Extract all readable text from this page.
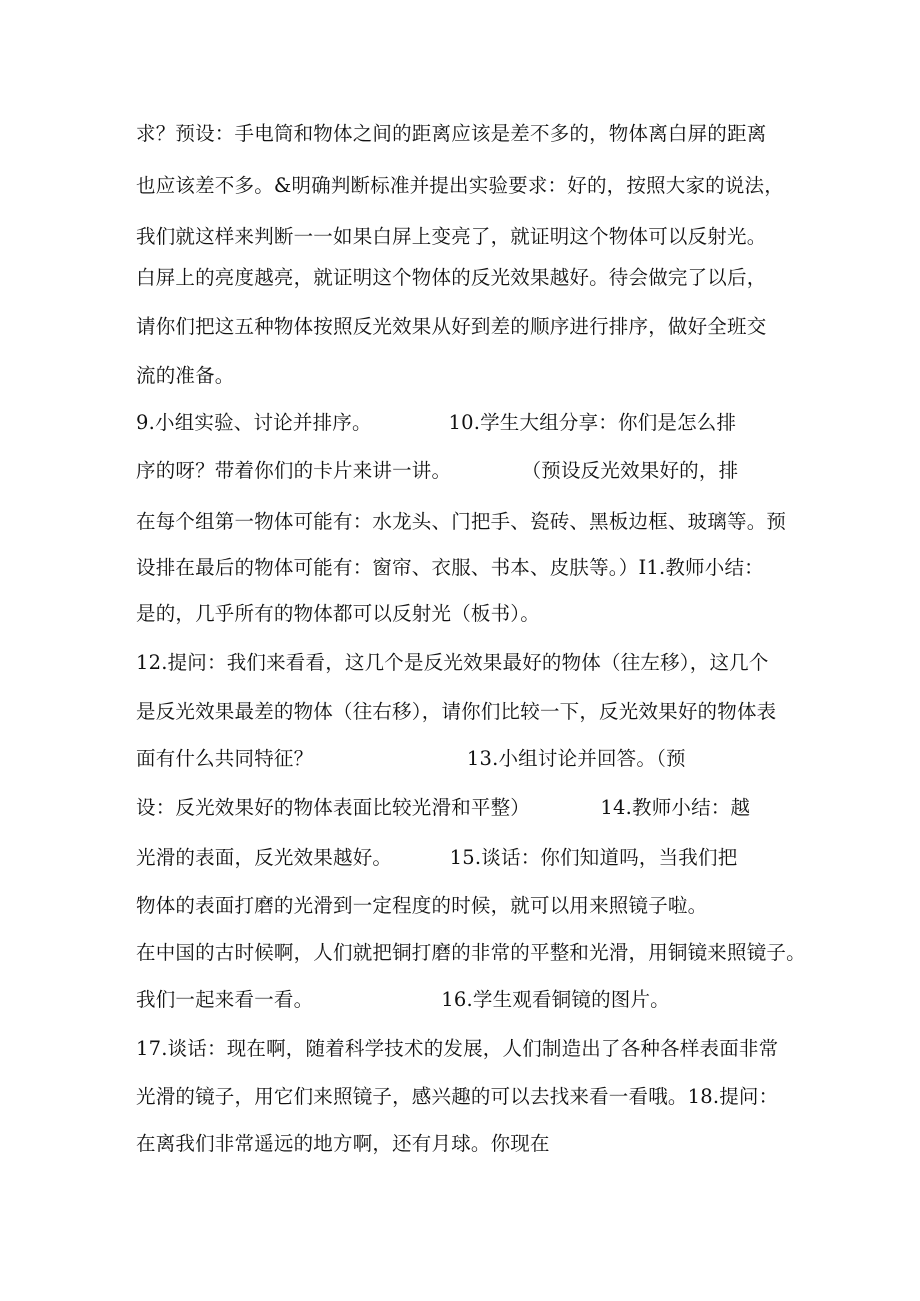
求？预设：手电筒和物体之间的距离应该是差不多的，物体离白屏的距离
也应该差不多。&明确判断标准并提出实验要求：好的，按照大家的说法，
我们就这样来判断一一如果白屏上变亮了，就证明这个物体可以反射光。
白屏上的亮度越亮，就证明这个物体的反光效果越好。待会做完了以后，
请你们把这五种物体按照反光效果从好到差的顺序进行排序，做好全班交
流的准备。
9.小组实验、讨论并排序。            10.学生大组分享：你们是怎么排
序的呀？带着你们的卡片来讲一讲。           （预设反光效果好的，排
在每个组第一物体可能有：水龙头、门把手、瓷砖、黑板边框、玻璃等。预
设排在最后的物体可能有：窗帘、衣服、书本、皮肤等。）I1.教师小结：
是的，几乎所有的物体都可以反射光（板书）。
12.提问：我们来看看，这几个是反光效果最好的物体（往左移），这几个
是反光效果最差的物体（往右移），请你们比较一下，反光效果好的物体表
面有什么共同特征？                        13.小组讨论并回答。（预
设：反光效果好的物体表面比较光滑和平整）           14.教师小结：越
光滑的表面，反光效果越好。         15.谈话：你们知道吗，当我们把
物体的表面打磨的光滑到一定程度的时候，就可以用来照镜子啦。
在中国的古时候啊，人们就把铜打磨的非常的平整和光滑，用铜镜来照镜子。
我们一起来看一看。                    16.学生观看铜镜的图片。
17.谈话：现在啊，随着科学技术的发展，人们制造出了各种各样表面非常
光滑的镜子，用它们来照镜子，感兴趣的可以去找来看一看哦。18.提问：
在离我们非常遥远的地方啊，还有月球。你现在
